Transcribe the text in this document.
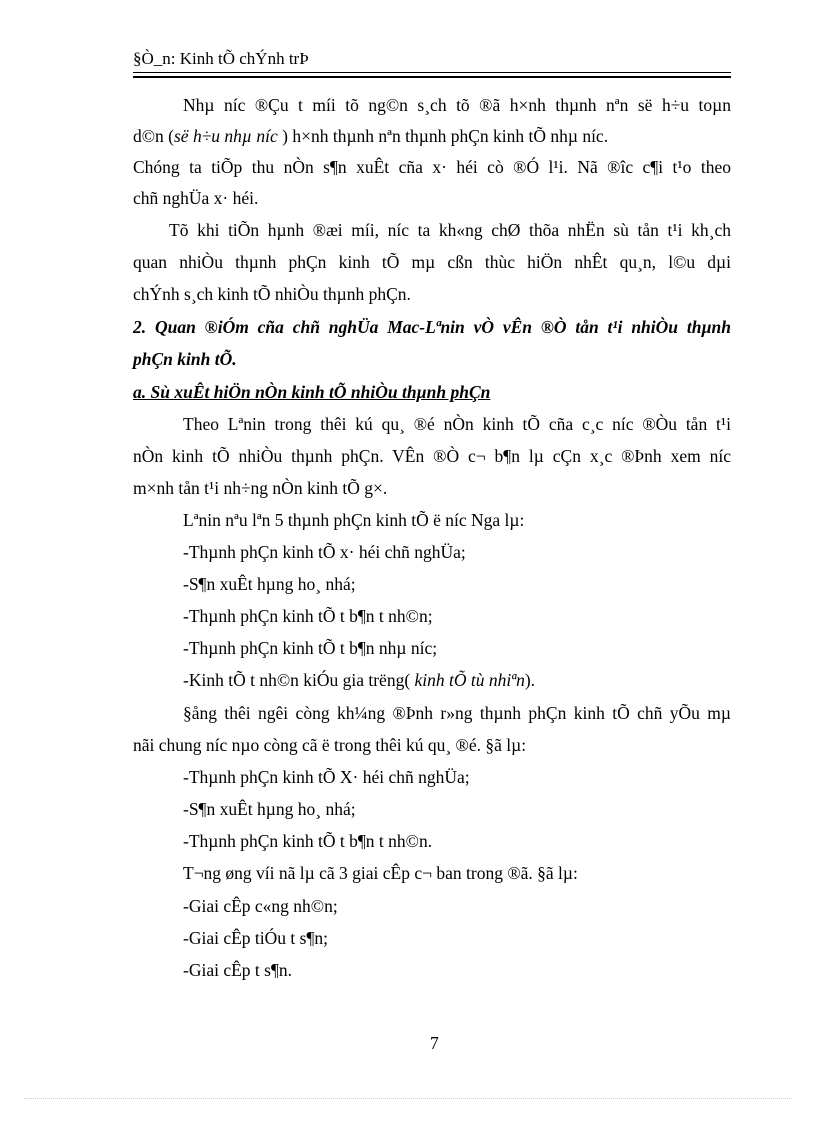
§Ò_n: Kinh tÕ chÝnh trÞ
Nhµ níc ®Çu t míi tõ ng©n s¸ch tõ ®ã h×nh thµnh nªn së h÷u toµn
d©n (së h÷u nhµ níc ) h×nh thµnh nªn thµnh phÇn kinh tÕ nhµ níc.
Chóng ta tiÕp thu nÒn s¶n xuÊt cña x· héi cò ®Ó l¹i. Nã ®îc c¶i t¹o theo
chñ nghÜa x· héi.
Tõ khi tiÕn hµnh ®æi míi, níc ta kh«ng chØ thõa nhËn sù tån t¹i kh¸ch
quan nhiÒu thµnh phÇn kinh tÕ mµ cßn thùc hiÖn nhÊt qu¸n, l©u dµi
chÝnh s¸ch kinh tÕ nhiÒu thµnh phÇn.
2. Quan ®iÓm cña chñ nghÜa Mac-Lªnin vÒ vÊn ®Ò tån t¹i nhiÒu thµnh
phÇn kinh tÕ.
a. Sù xuÊt hiÖn nÒn kinh tÕ nhiÒu thµnh phÇn
Theo Lªnin trong thêi kú qu¸ ®é nÒn kinh tÕ cña c¸c níc ®Òu tån t¹i
nÒn kinh tÕ nhiÒu thµnh phÇn. VÊn ®Ò c¬ b¶n lµ cÇn x¸c ®Þnh xem níc
m×nh tån t¹i nh÷ng nÒn kinh tÕ g×.
Lªnin nªu lªn 5 thµnh phÇn kinh tÕ ë níc Nga lµ:
-Thµnh phÇn kinh tÕ x· héi chñ nghÜa;
-S¶n xuÊt hµng ho¸ nhá;
-Thµnh phÇn kinh tÕ t b¶n t nh©n;
-Thµnh phÇn kinh tÕ t b¶n nhµ níc;
-Kinh tÕ t nh©n kiÓu gia trëng( kinh tÕ tù nhiªn).
§ång thêi ngêi còng kh¼ng ®Þnh r»ng thµnh phÇn kinh tÕ chñ yÕu mµ
nãi chung níc nµo còng cã ë trong thêi kú qu¸ ®é. §ã lµ:
-Thµnh phÇn kinh tÕ X· héi chñ nghÜa;
-S¶n xuÊt hµng ho¸ nhá;
-Thµnh phÇn kinh tÕ t b¶n t nh©n.
T¬ng øng víi nã lµ cã 3 giai cÊp c¬ ban trong ®ã. §ã lµ:
-Giai cÊp c«ng nh©n;
-Giai cÊp tiÓu t s¶n;
-Giai cÊp t s¶n.
7
